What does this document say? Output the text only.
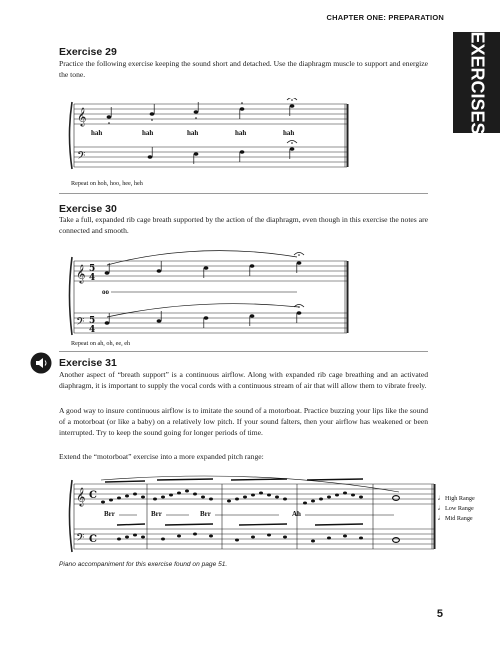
CHAPTER ONE: PREPARATION
EXERCISES
Exercise 29
Practice the following exercise keeping the sound short and detached. Use the diaphragm muscle to support and energize the tone.
𝄞
𝄢
hah	hah	hah	hah	hah
Repeat on hoh, hoo, hee, heh
Exercise 30
Take a full, expanded rib cage breath supported by the action of the diaphragm, even though in this exercise the notes are connected and smooth.
𝄞
𝄢
5
4
5
4
oo
Repeat on ah, oh, ee, eh
Exercise 31
Another aspect of “breath support” is a continuous airflow. Along with expanded rib cage breathing and an activated diaphragm, it is important to supply the vocal cords with a continuous stream of air that will allow them to vibrate freely.
A good way to insure continuous airflow is to imitate the sound of a motorboat. Practice buzzing your lips like the sound of a motorboat (or like a baby) on a relatively low pitch. If your sound falters, then your airflow has weakened or been interrupted. Try to keep the sound going for longer periods of time.
Extend the “motorboat” exercise into a more expanded pitch range:
𝄞
𝄢
C
C
Brr	Brr	Brr	Ah
𝅗𝅥
𝅗𝅥
𝅗𝅥
High Range
Low Range
Mid Range
Piano accompaniment for this exercise found on page 51.
5
